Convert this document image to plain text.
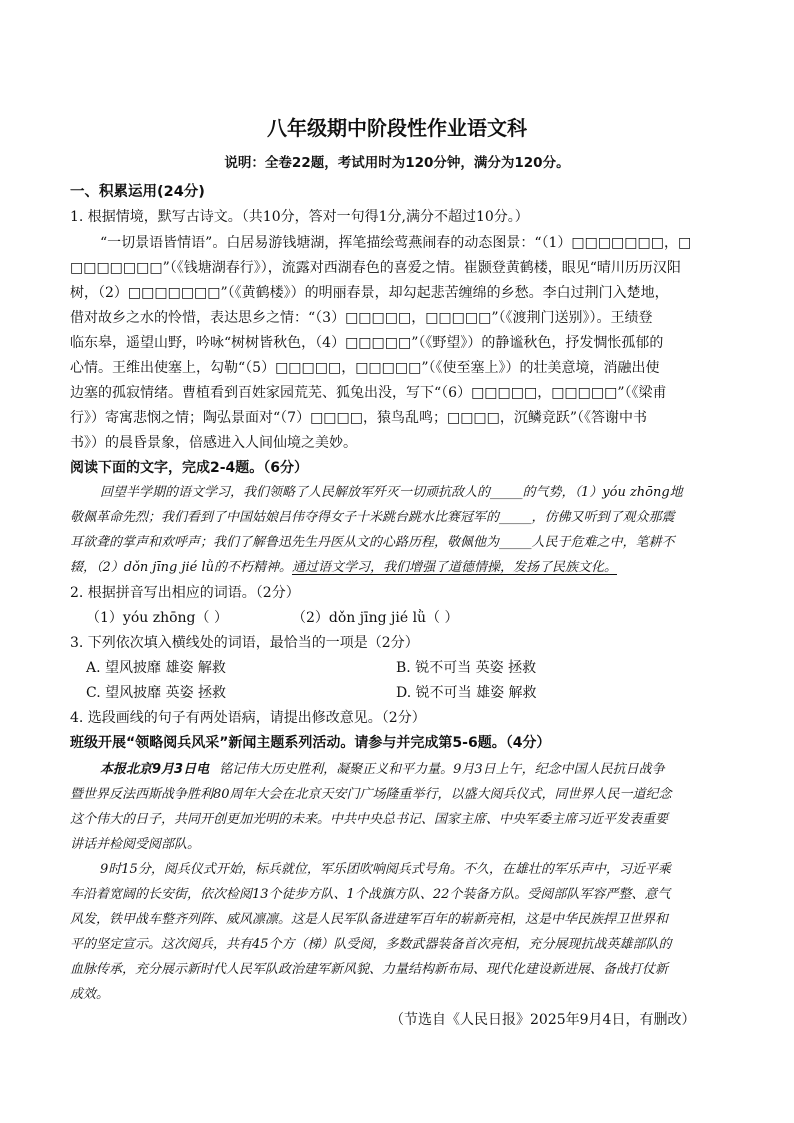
八年级期中阶段性作业语文科
说明：全卷22题，考试用时为120分钟，满分为120分。
一、积累运用(24分)
1. 根据情境，默写古诗文。（共10分，答对一句得1分,满分不超过10分。）
“一切景语皆情语”。白居易游钱塘湖，挥笔描绘莺燕闹春的动态图景：“（1）□□□□□□□，□
□□□□□□□”（《钱塘湖春行》），流露对西湖春色的喜爱之情。崔颢登黄鹤楼，眼见“晴川历历汉阳
树，（2）□□□□□□□”（《黄鹤楼》）的明丽春景，却勾起悲苦缠绵的乡愁。李白过荆门入楚地，
借对故乡之水的怜惜，表达思乡之情：“（3）□□□□□，□□□□□”（《渡荆门送别》）。王绩登
临东皋，遥望山野，吟咏“树树皆秋色，（4）□□□□□”（《野望》）的静谧秋色，抒发惆怅孤郁的
心情。王维出使塞上，勾勒“（5）□□□□□，□□□□□”（《使至塞上》）的壮美意境，消融出使
边塞的孤寂情绪。曹植看到百姓家园荒芜、狐兔出没，写下“（6）□□□□□，□□□□□”（《梁甫
行》）寄寓悲悯之情；陶弘景面对“（7）□□□□，猿鸟乱鸣；□□□□，沉鳞竞跃”（《答谢中书
书》）的晨昏景象，倍感进入人间仙境之美妙。
阅读下面的文字，完成2-4题。（6分）
回望半学期的语文学习，我们领略了人民解放军歼灭一切顽抗敌人的_____的气势，（1）yóu zhōng地
敬佩革命先烈；我们看到了中国姑娘吕伟夺得女子十米跳台跳水比赛冠军的_____，仿佛又听到了观众那震
耳欲聋的掌声和欢呼声；我们了解鲁迅先生丹医从文的心路历程，敬佩他为_____人民于危难之中，笔耕不
辍，（2）dǒn jīng jié lǜ的不朽精神。通过语文学习，我们增强了道德情操，发扬了民族文化。
2. 根据拼音写出相应的词语。（2分）
（1）yóu zhōng（ ）	（2）dǒn jīng jié lǜ（ ）
3. 下列依次填入横线处的词语，最恰当的一项是（2分）
A. 望风披靡 雄姿 解救	B. 锐不可当 英姿 拯救
C. 望风披靡 英姿 拯救	D. 锐不可当 雄姿 解救
4. 选段画线的句子有两处语病，请提出修改意见。（2分）
班级开展“领略阅兵风采”新闻主题系列活动。请参与并完成第5-6题。（4分）
本报北京9月3日电 铭记伟大历史胜利，凝聚正义和平力量。9月3日上午，纪念中国人民抗日战争
暨世界反法西斯战争胜利80周年大会在北京天安门广场隆重举行，以盛大阅兵仪式，同世界人民一道纪念
这个伟大的日子，共同开创更加光明的未来。中共中央总书记、国家主席、中央军委主席习近平发表重要
讲话并检阅受阅部队。
9时15分，阅兵仪式开始，标兵就位，军乐团吹响阅兵式号角。不久，在雄壮的军乐声中，习近平乘
车沿着宽阔的长安街，依次检阅13个徒步方队、1个战旗方队、22个装备方队。受阅部队军容严整、意气
风发，铁甲战车整齐列阵、威风凛凛。这是人民军队备进建军百年的崭新亮相，这是中华民族捍卫世界和
平的坚定宣示。这次阅兵，共有45个方（梯）队受阅，多数武器装备首次亮相，充分展现抗战英雄部队的
血脉传承，充分展示新时代人民军队政治建军新风貌、力量结构新布局、现代化建设新进展、备战打仗新
成效。
（节选自《人民日报》2025年9月4日，有删改）
